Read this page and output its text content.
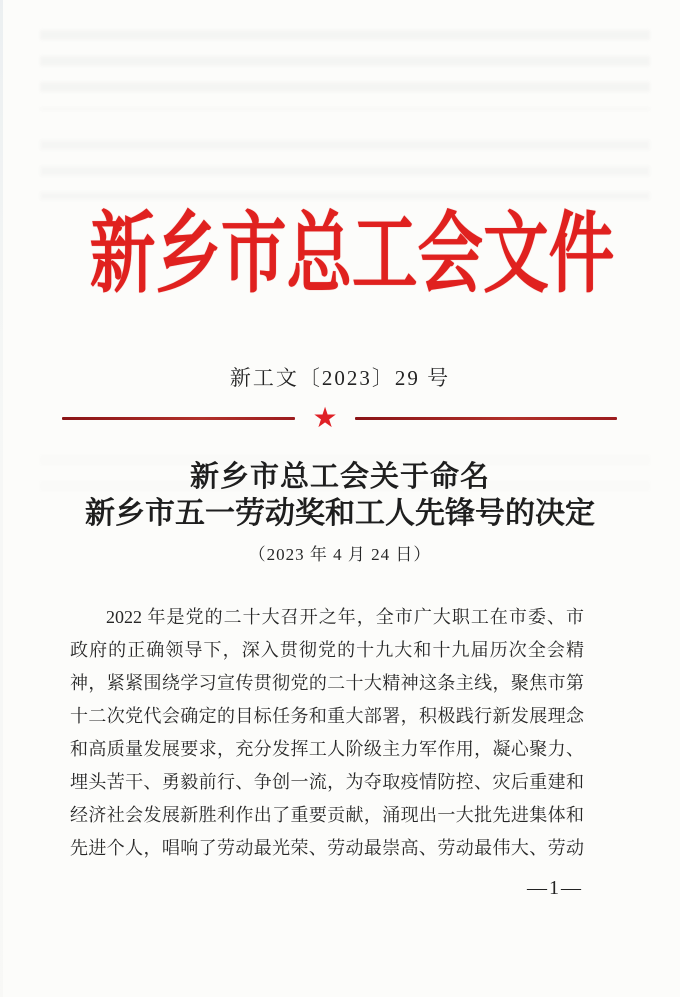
新乡市总工会文件
新工文〔2023〕29 号
★
新乡市总工会关于命名
新乡市五一劳动奖和工人先锋号的决定
（2023 年 4 月 24 日）
2022 年是党的二十大召开之年，全市广大职工在市委、市
政府的正确领导下，深入贯彻党的十九大和十九届历次全会精
神，紧紧围绕学习宣传贯彻党的二十大精神这条主线，聚焦市第
十二次党代会确定的目标任务和重大部署，积极践行新发展理念
和高质量发展要求，充分发挥工人阶级主力军作用，凝心聚力、
埋头苦干、勇毅前行、争创一流，为夺取疫情防控、灾后重建和
经济社会发展新胜利作出了重要贡献，涌现出一大批先进集体和
先进个人，唱响了劳动最光荣、劳动最崇高、劳动最伟大、劳动
—1—
